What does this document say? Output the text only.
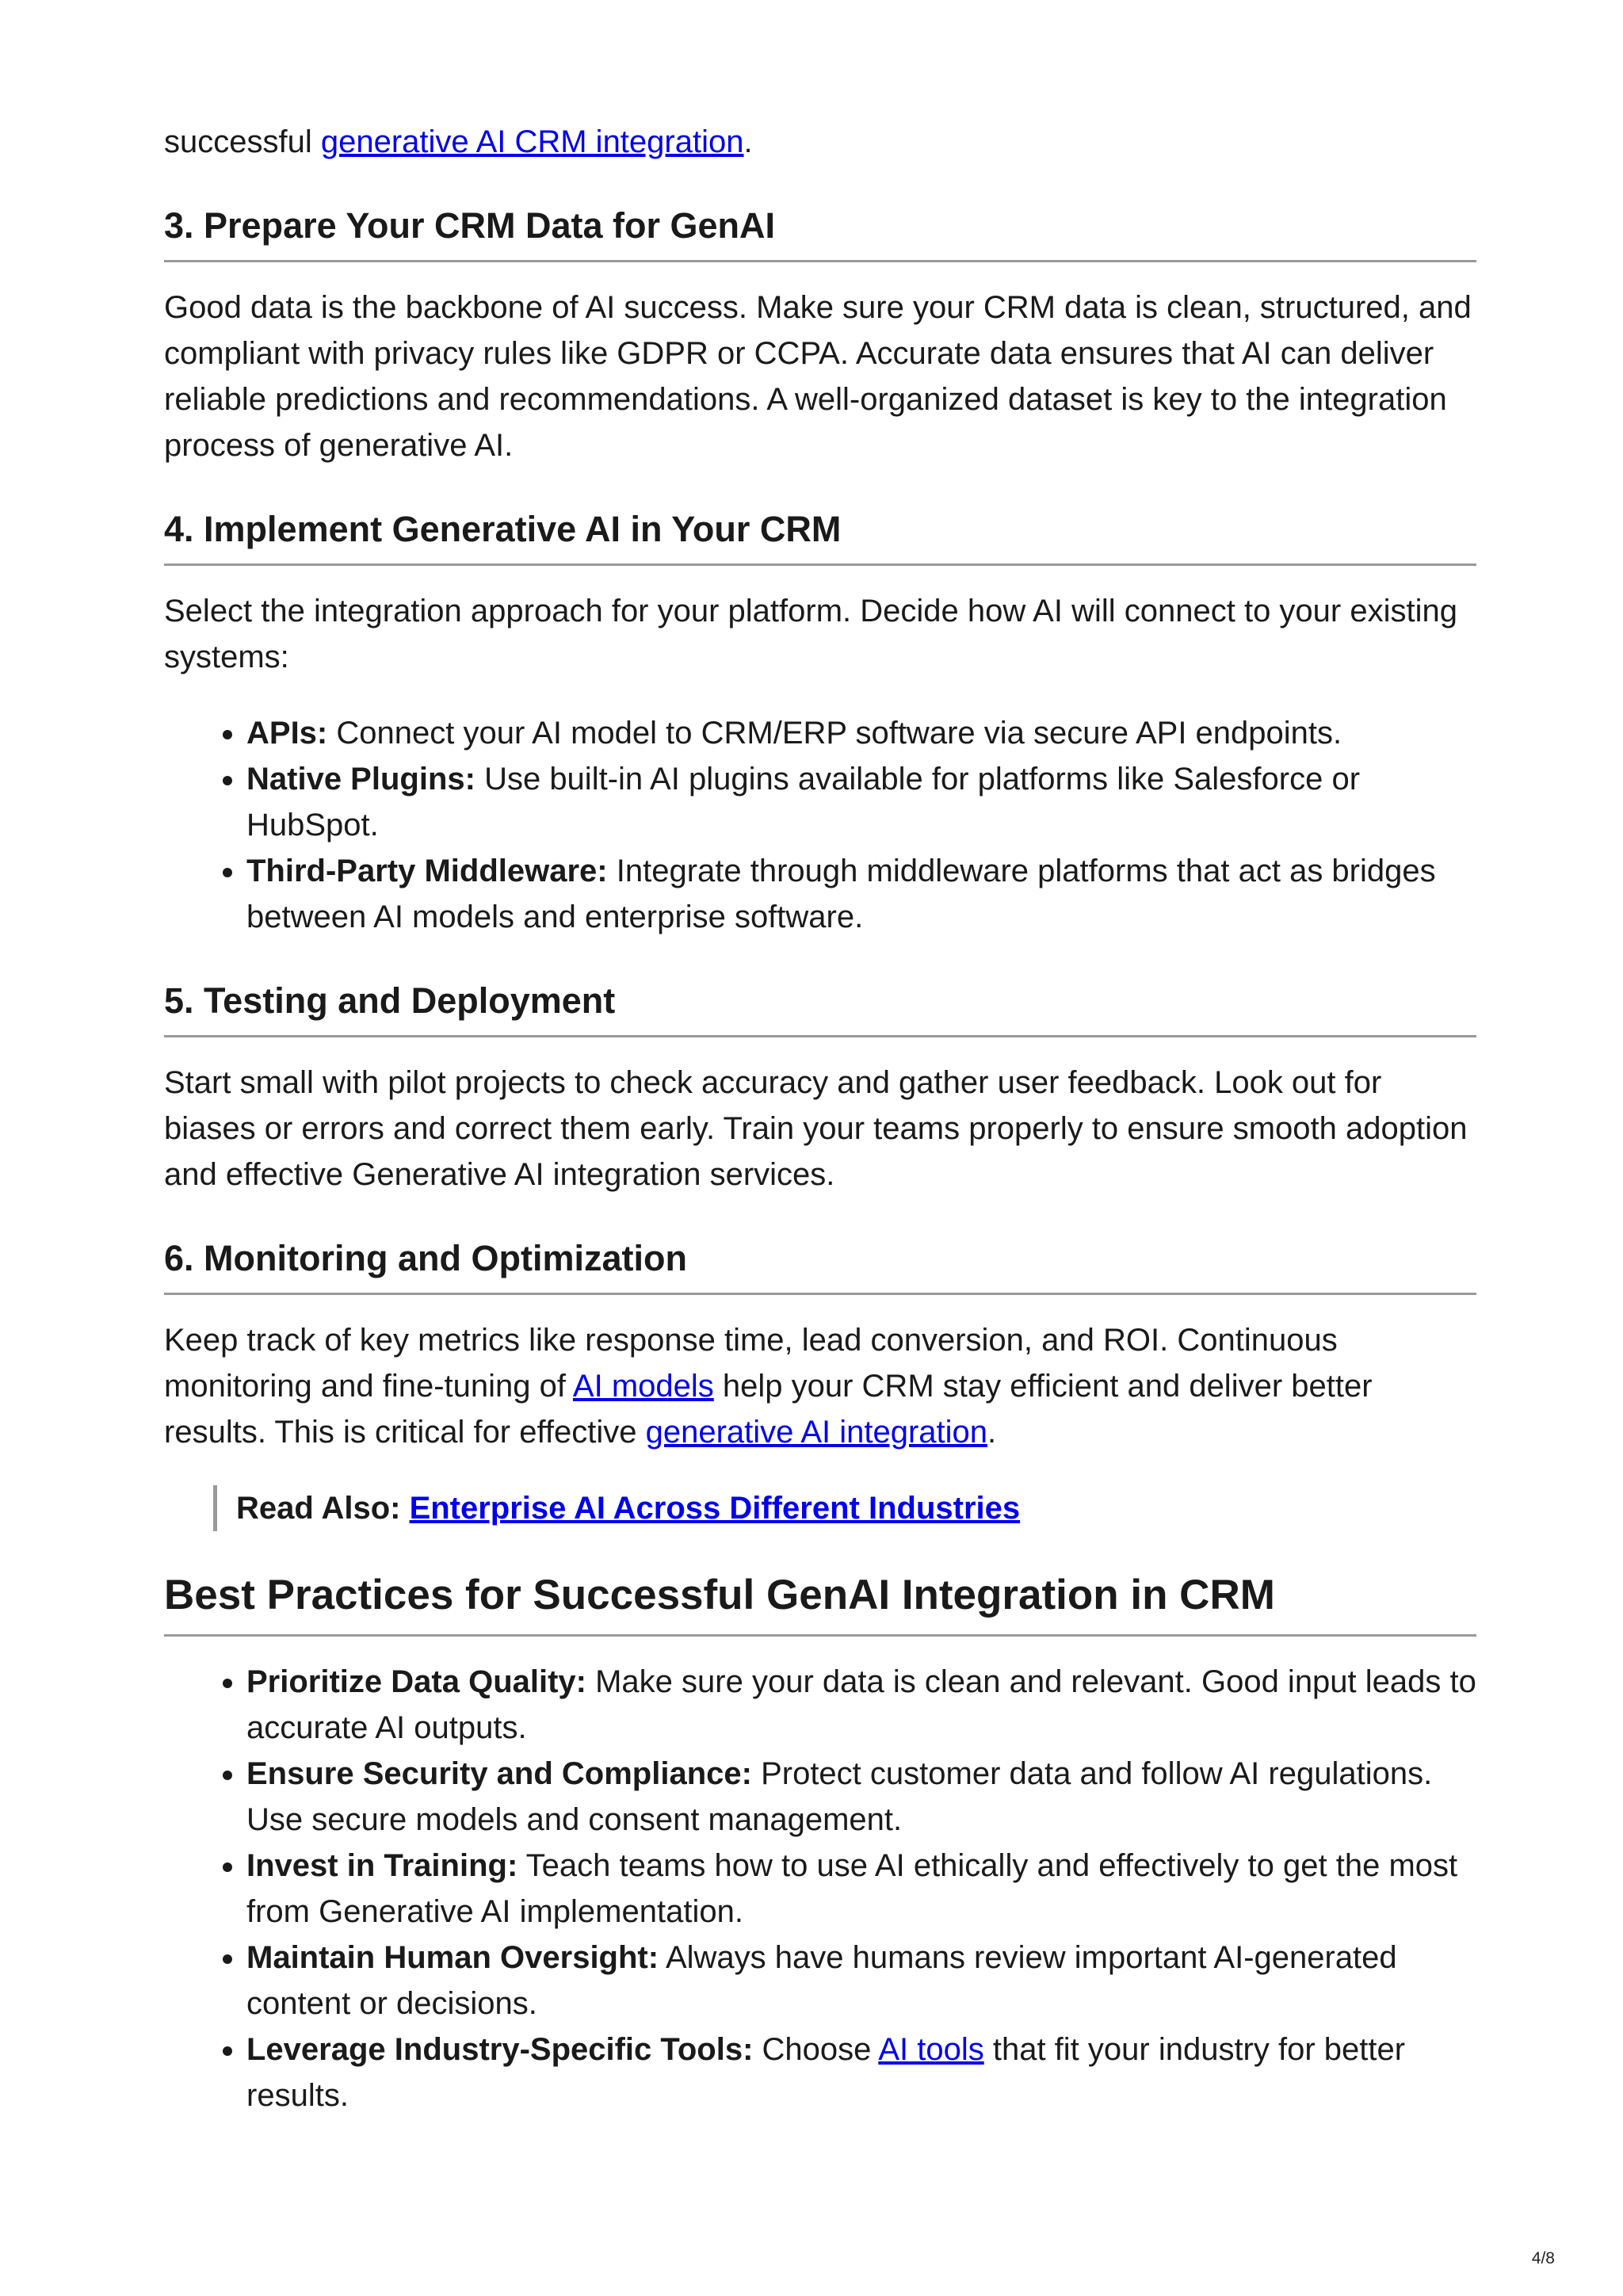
successful generative AI CRM integration.

3. Prepare Your CRM Data for GenAI

Good data is the backbone of AI success. Make sure your CRM data is clean, structured, and compliant with privacy rules like GDPR or CCPA. Accurate data ensures that AI can deliver reliable predictions and recommendations. A well-organized dataset is key to the integration process of generative AI.

4. Implement Generative AI in Your CRM

Select the integration approach for your platform. Decide how AI will connect to your existing systems:

• APIs: Connect your AI model to CRM/ERP software via secure API endpoints.
• Native Plugins: Use built-in AI plugins available for platforms like Salesforce or HubSpot.
• Third-Party Middleware: Integrate through middleware platforms that act as bridges between AI models and enterprise software.
5. Testing and Deployment

Start small with pilot projects to check accuracy and gather user feedback. Look out for biases or errors and correct them early. Train your teams properly to ensure smooth adoption and effective Generative AI integration services.

6. Monitoring and Optimization

Keep track of key metrics like response time, lead conversion, and ROI. Continuous monitoring and fine-tuning of AI models help your CRM stay efficient and deliver better results. This is critical for effective generative AI integration.

Read Also: Enterprise AI Across Different Industries
Best Practices for Successful GenAI Integration in CRM
• Prioritize Data Quality: Make sure your data is clean and relevant. Good input leads to accurate AI outputs.
• Ensure Security and Compliance: Protect customer data and follow AI regulations. Use secure models and consent management.
• Invest in Training: Teach teams how to use AI ethically and effectively to get the most from Generative AI implementation.
• Maintain Human Oversight: Always have humans review important AI-generated content or decisions.
• Leverage Industry-Specific Tools: Choose AI tools that fit your industry for better results.
4/8
